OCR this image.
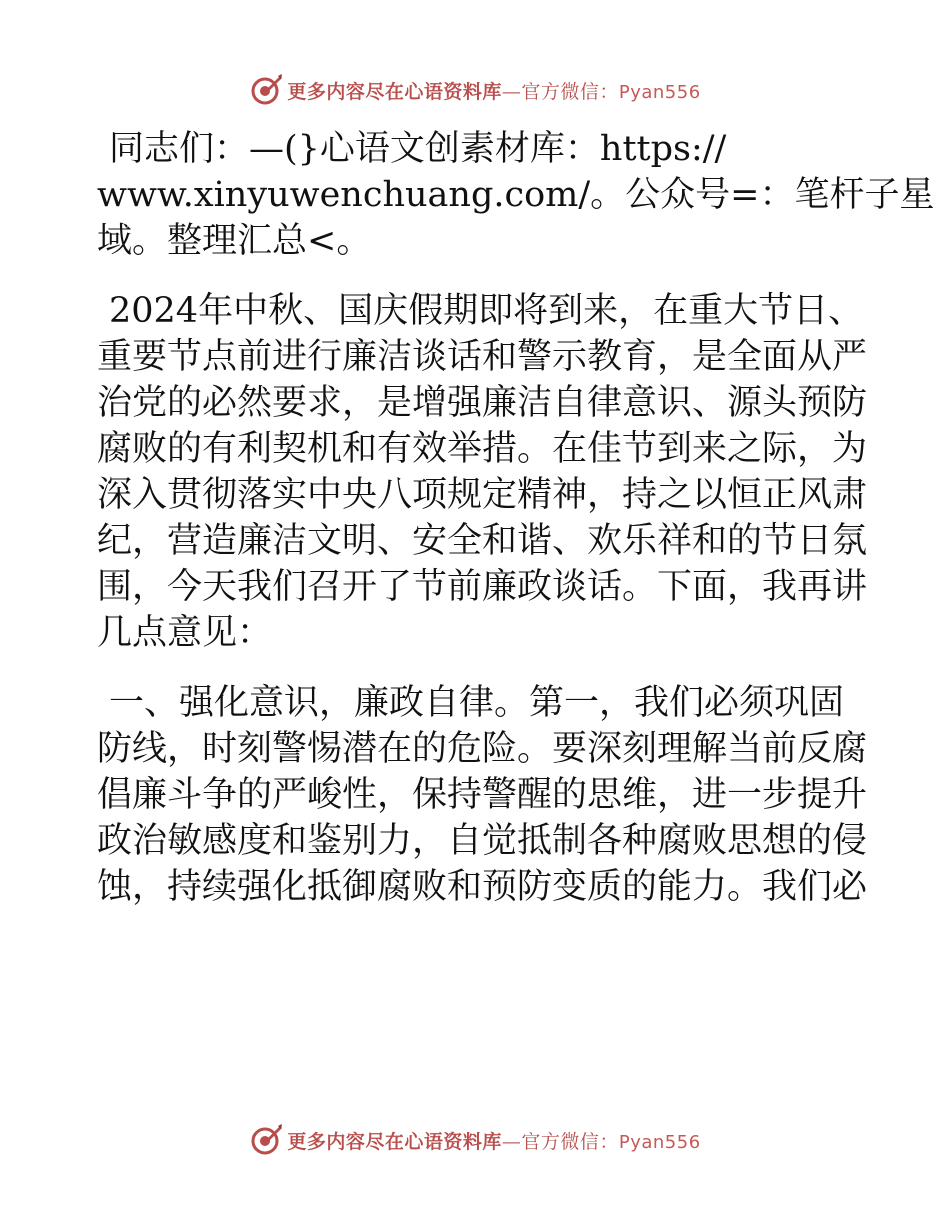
更多内容尽在心语资料库—官方微信：Pyan556
同志们：—(}心语文创素材库：https://
www.xinyuwenchuang.com/。公众号=：笔杆子星
域。整理汇总<。
2024年中秋、国庆假期即将到来，在重大节日、
重要节点前进行廉洁谈话和警示教育，是全面从严
治党的必然要求，是增强廉洁自律意识、源头预防
腐败的有利契机和有效举措。在佳节到来之际，为
深入贯彻落实中央八项规定精神，持之以恒正风肃
纪，营造廉洁文明、安全和谐、欢乐祥和的节日氛
围，今天我们召开了节前廉政谈话。下面，我再讲
几点意见：
一、强化意识，廉政自律。第一，我们必须巩固
防线，时刻警惕潜在的危险。要深刻理解当前反腐
倡廉斗争的严峻性，保持警醒的思维，进一步提升
政治敏感度和鉴别力，自觉抵制各种腐败思想的侵
蚀，持续强化抵御腐败和预防变质的能力。我们必
更多内容尽在心语资料库—官方微信：Pyan556
